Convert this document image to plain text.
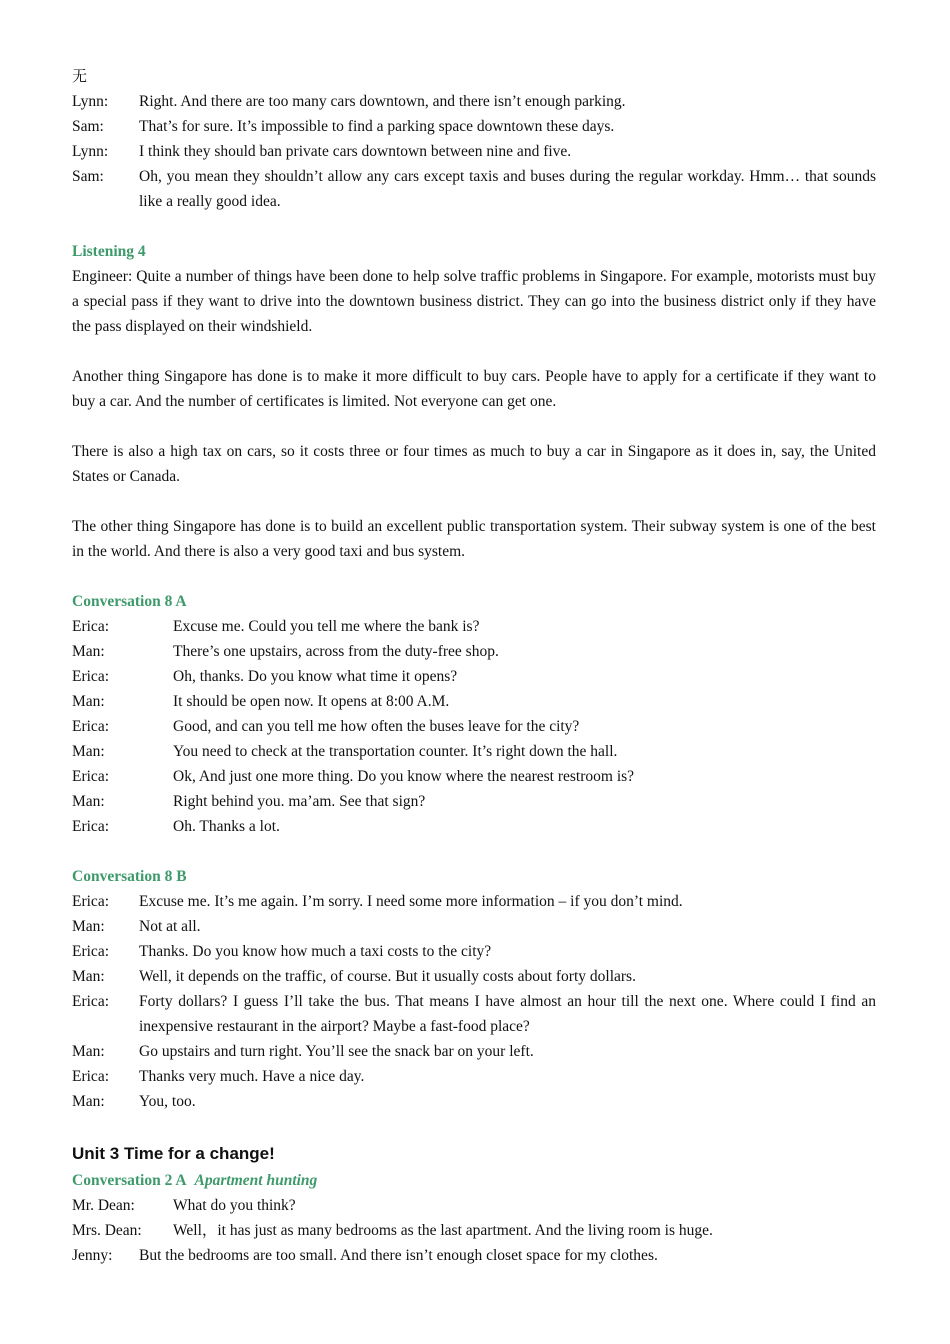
无
Lynn:	Right. And there are too many cars downtown, and there isn’t enough parking.
Sam:	That’s for sure. It’s impossible to find a parking space downtown these days.
Lynn:	I think they should ban private cars downtown between nine and five.
Sam:	Oh, you mean they shouldn’t allow any cars except taxis and buses during the regular workday. Hmm… that sounds like a really good idea.
Listening 4
Engineer: Quite a number of things have been done to help solve traffic problems in Singapore. For example, motorists must buy a special pass if they want to drive into the downtown business district. They can go into the business district only if they have the pass displayed on their windshield.
Another thing Singapore has done is to make it more difficult to buy cars. People have to apply for a certificate if they want to buy a car. And the number of certificates is limited. Not everyone can get one.
There is also a high tax on cars, so it costs three or four times as much to buy a car in Singapore as it does in, say, the United States or Canada.
The other thing Singapore has done is to build an excellent public transportation system. Their subway system is one of the best in the world. And there is also a very good taxi and bus system.
Conversation 8 A
Erica:	Excuse me. Could you tell me where the bank is?
Man:	There’s one upstairs, across from the duty-free shop.
Erica:	Oh, thanks. Do you know what time it opens?
Man:	It should be open now. It opens at 8:00 A.M.
Erica:	Good, and can you tell me how often the buses leave for the city?
Man:	You need to check at the transportation counter. It’s right down the hall.
Erica:	Ok, And just one more thing. Do you know where the nearest restroom is?
Man:	Right behind you. ma’am. See that sign?
Erica:	Oh. Thanks a lot.
Conversation 8 B
Erica:	Excuse me. It’s me again. I’m sorry. I need some more information – if you don’t mind.
Man:	Not at all.
Erica:	Thanks. Do you know how much a taxi costs to the city?
Man:	Well, it depends on the traffic, of course. But it usually costs about forty dollars.
Erica:	Forty dollars? I guess I’ll take the bus. That means I have almost an hour till the next one. Where could I find an inexpensive restaurant in the airport? Maybe a fast-food place?
Man:	Go upstairs and turn right. You’ll see the snack bar on your left.
Erica:	Thanks very much. Have a nice day.
Man:	You, too.
Unit 3 Time for a change!
Conversation 2 A Apartment hunting
Mr. Dean:	What do you think?
Mrs. Dean:	Well，it has just as many bedrooms as the last apartment. And the living room is huge.
Jenny:	But the bedrooms are too small. And there isn’t enough closet space for my clothes.
